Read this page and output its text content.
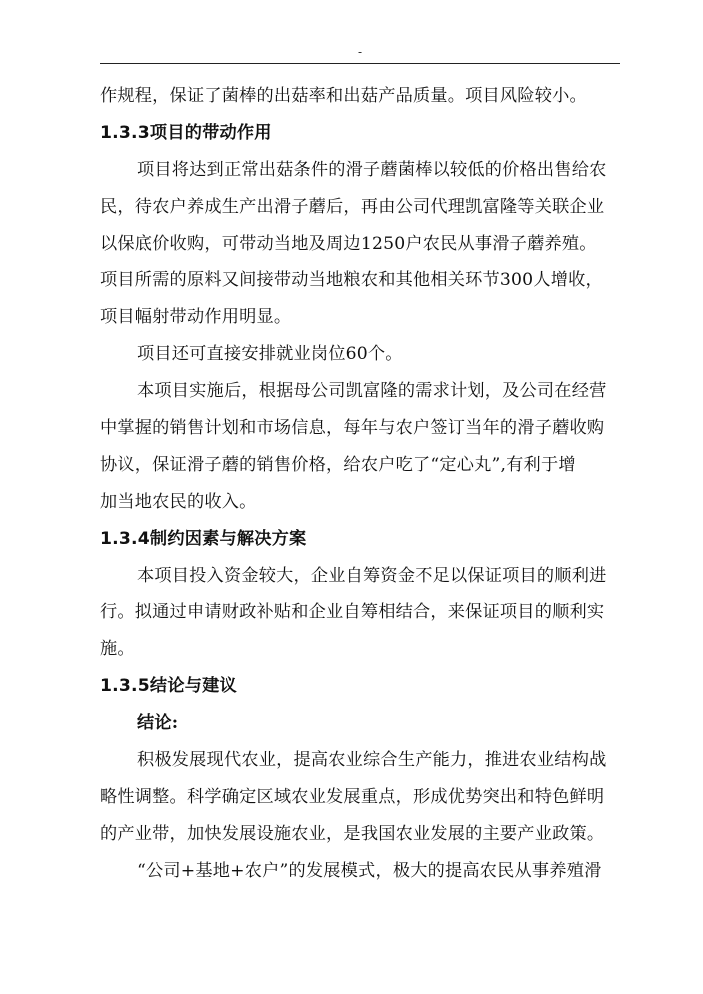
-
作规程，保证了菌棒的出菇率和出菇产品质量。项目风险较小。
1.3.3项目的带动作用
项目将达到正常出菇条件的滑子蘑菌棒以较低的价格出售给农
民，待农户养成生产出滑子蘑后，再由公司代理凯富隆等关联企业
以保底价收购，可带动当地及周边1250户农民从事滑子蘑养殖。
项目所需的原料又间接带动当地粮农和其他相关环节300人增收，
项目幅射带动作用明显。
项目还可直接安排就业岗位60个。
本项目实施后，根据母公司凯富隆的需求计划，及公司在经营
中掌握的销售计划和市场信息，每年与农户签订当年的滑子蘑收购
协议，保证滑子蘑的销售价格，给农户吃了“定心丸”,有利于增
加当地农民的收入。
1.3.4制约因素与解决方案
本项目投入资金较大，企业自筹资金不足以保证项目的顺利进
行。拟通过申请财政补贴和企业自筹相结合，来保证项目的顺利实
施。
1.3.5结论与建议
结论:
积极发展现代农业，提高农业综合生产能力，推进农业结构战
略性调整。科学确定区域农业发展重点，形成优势突出和特色鲜明
的产业带，加快发展设施农业，是我国农业发展的主要产业政策。
“公司+基地+农户”的发展模式，极大的提高农民从事养殖滑
